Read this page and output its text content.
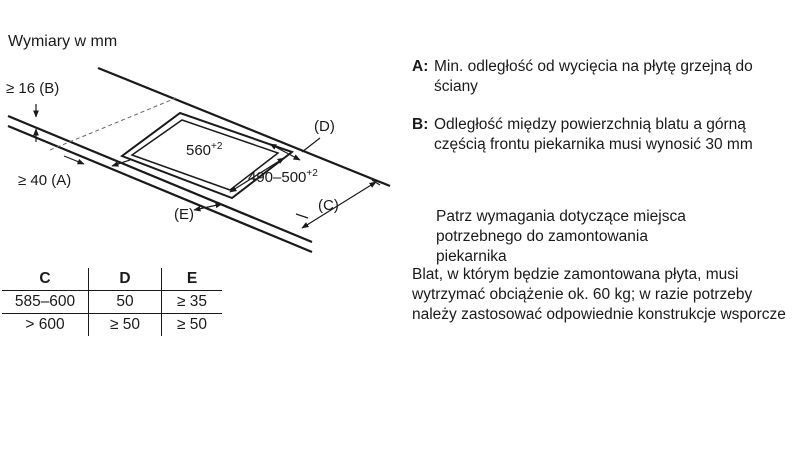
Wymiary w mm
$560^{+2}$
$490-500^{+2}$
≥ 16 (B)
≥ 40 (A)
(C)
(D)
(E)
C	D	E
585–600	50	≥ 35
> 600	≥ 50	≥ 50
A: Min. odległość od wycięcia na płytę grzejną do ściany
B: Odległość między powierzchnią blatu a górną częścią frontu piekarnika musi wynosić 30 mm
Patrz wymagania dotyczące miejsca potrzebnego do zamontowania piekarnika
Blat, w którym będzie zamontowana płyta, musi wytrzymać obciążenie ok. 60 kg; w razie potrzeby należy zastosować odpowiednie konstrukcje wsporcze
